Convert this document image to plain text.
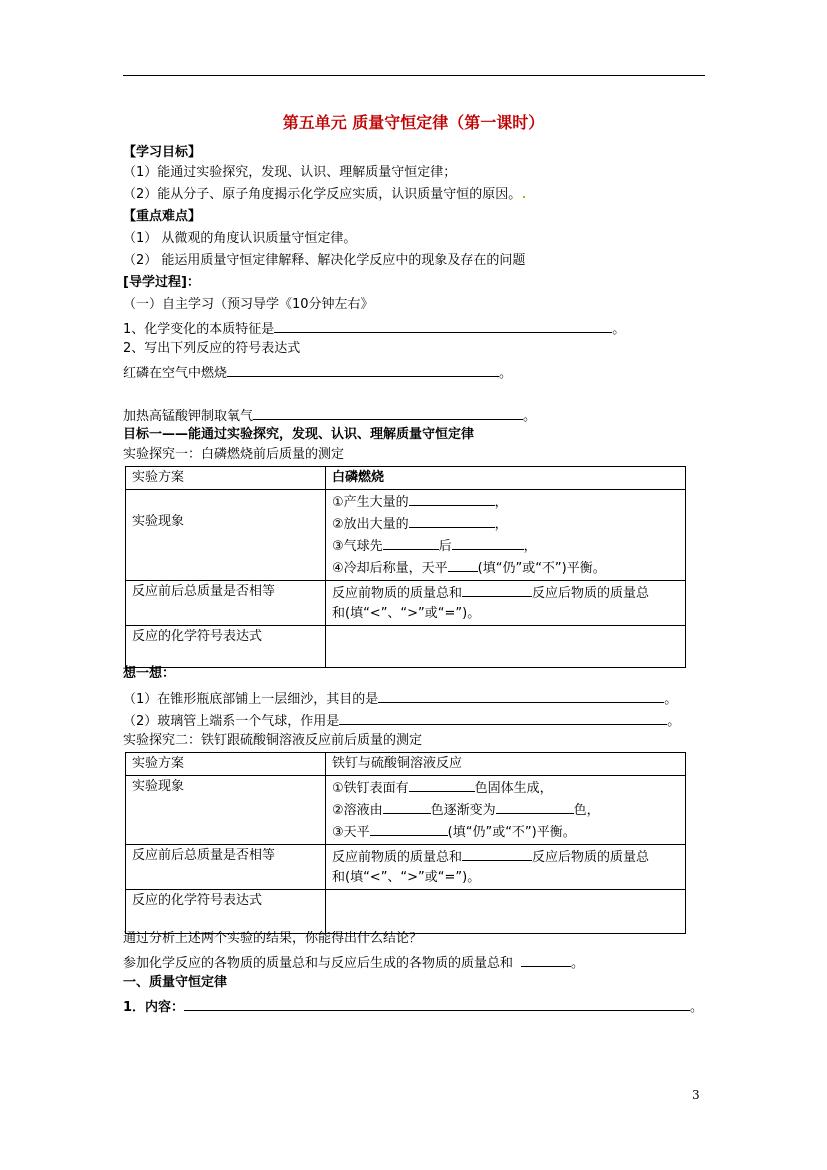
第五单元 质量守恒定律（第一课时）
【学习目标】
（1）能通过实验探究，发现、认识、理解质量守恒定律；
（2）能从分子、原子角度揭示化学反应实质，认识质量守恒的原因。
【重点难点】
（1） 从微观的角度认识质量守恒定律。
（2） 能运用质量守恒定律解释、解决化学反应中的现象及存在的问题
[导学过程]：
（一）自主学习（预习导学《10分钟左右》
1、化学变化的本质特征是	。
2、写出下列反应的符号表达式
红磷在空气中燃烧	。
加热高锰酸钾制取氧气	。
目标一——能通过实验探究，发现、认识、理解质量守恒定律
实验探究一：白磷燃烧前后质量的测定
实验方案	白磷燃烧
实验现象	①产生大量的 ，
②放出大量的 ，
③气球先 后 ，
④冷却后称量，天平 (填“仍”或“不”)平衡。

反应前后总质量是否相等	反应前物质的质量总和 反应后物质的质量总
和(填“<”、“>”或“=”)。

反应的化学符号表达式	
想一想：
（1）在锥形瓶底部铺上一层细沙，其目的是	。
（2）玻璃管上端系一个气球，作用是	。
实验探究二：铁钉跟硫酸铜溶液反应前后质量的测定
实验方案	铁钉与硫酸铜溶液反应
实验现象	①铁钉表面有 色固体生成，
②溶液由 色逐渐变为 色，
③天平 (填“仍”或“不”)平衡。

反应前后总质量是否相等	反应前物质的质量总和 反应后物质的质量总
和(填“<”、“>”或“=”)。

反应的化学符号表达式	
通过分析上述两个实验的结果，你能得出什么结论？
参加化学反应的各物质的质量总和与反应后生成的各物质的质量总和	。
一、质量守恒定律
1．内容：	。
3
